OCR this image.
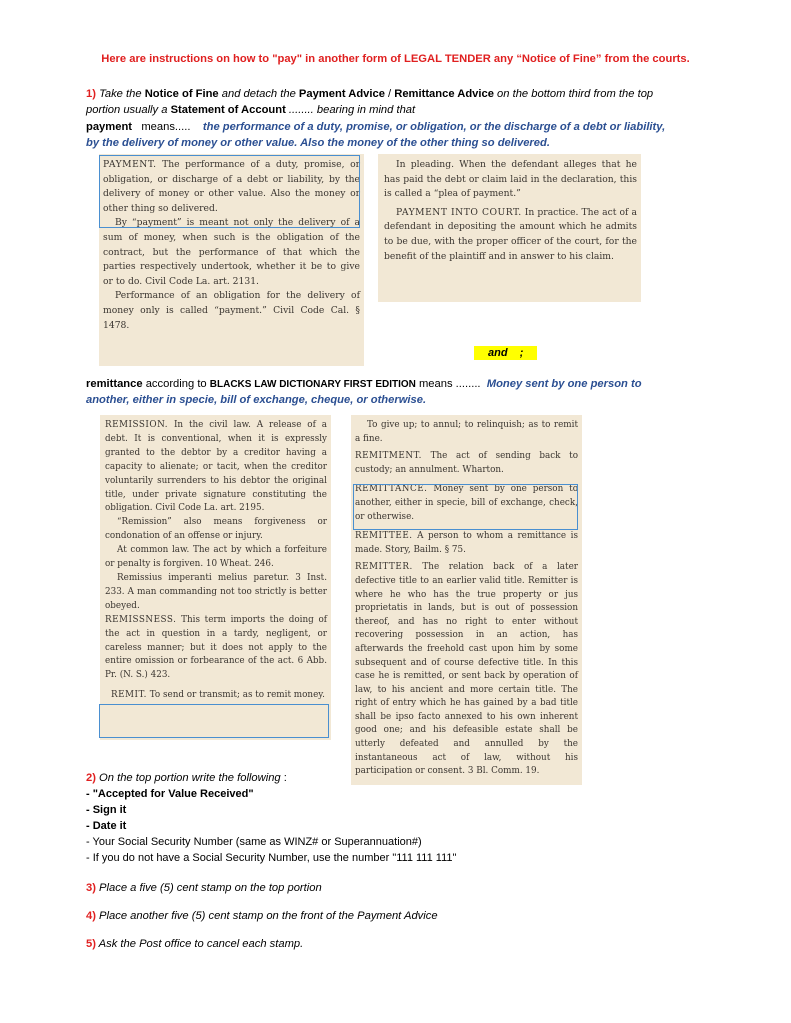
Here are instructions on how to "pay" in another form of LEGAL TENDER any “Notice of Fine” from the courts.
1) Take the Notice of Fine and detach the Payment Advice / Remittance Advice on the bottom third from the top
portion usually a Statement of Account ........ bearing in mind that
payment   means.....    the performance of a duty, promise, or obligation, or the discharge of a debt or liability,
by the delivery of money or other value. Also the money of the other thing so delivered.

PAYMENT. The performance of a duty, promise, or obligation, or discharge of a debt or liability, by the delivery of money or other value. Also the money or other thing so delivered.

By “payment” is meant not only the delivery of a sum of money, when such is the obligation of the contract, but the performance of that which the parties respectively undertook, whether it be to give or to do. Civil Code La. art. 2131.

Performance of an obligation for the delivery of money only is called “payment.” Civil Code Cal. § 1478.

In pleading. When the defendant alleges that he has paid the debt or claim laid in the declaration, this is called a “plea of payment.”

PAYMENT INTO COURT. In practice. The act of a defendant in depositing the amount which he admits to be due, with the proper officer of the court, for the benefit of the plaintiff and in answer to his claim.

and    ;
remittance according to BLACKS LAW DICTIONARY FIRST EDITION means ........  Money sent by one person to
another, either in specie, bill of exchange, cheque, or otherwise.

REMISSION. In the civil law. A release of a debt. It is conventional, when it is expressly granted to the debtor by a creditor having a capacity to alienate; or tacit, when the creditor voluntarily surrenders to his debtor the original title, under private signature constituting the obligation. Civil Code La. art. 2195.

“Remission” also means forgiveness or condonation of an offense or injury.

At common law. The act by which a forfeiture or penalty is forgiven. 10 Wheat. 246.

Remissius imperanti melius paretur. 3 Inst. 233. A man commanding not too strictly is better obeyed.

REMISSNESS. This term imports the doing of the act in question in a tardy, negligent, or careless manner; but it does not apply to the entire omission or forbearance of the act. 6 Abb. Pr. (N. S.) 423.

REMIT. To send or transmit; as to remit money.

To give up; to annul; to relinquish; as to remit a fine.

REMITMENT. The act of sending back to custody; an annulment. Wharton.

REMITTANCE. Money sent by one person to another, either in specie, bill of exchange, check, or otherwise.

REMITTEE. A person to whom a remittance is made. Story, Bailm. § 75.

REMITTER. The relation back of a later defective title to an earlier valid title. Remitter is where he who has the true property or jus proprietatis in lands, but is out of possession thereof, and has no right to enter without recovering possession in an action, has afterwards the freehold cast upon him by some subsequent and of course defective title. In this case he is remitted, or sent back by operation of law, to his ancient and more certain title. The right of entry which he has gained by a bad title shall be ipso facto annexed to his own inherent good one; and his defeasible estate shall be utterly defeated and annulled by the instantaneous act of law, without his participation or consent. 3 Bl. Comm. 19.

2) On the top portion write the following :
- "Accepted for Value Received"
- Sign it
- Date it
- Your Social Security Number (same as WINZ# or Superannuation#)
- If you do not have a Social Security Number, use the number "111 111 111"
3) Place a five (5) cent stamp on the top portion
4) Place another five (5) cent stamp on the front of the Payment Advice
5) Ask the Post office to cancel each stamp.
